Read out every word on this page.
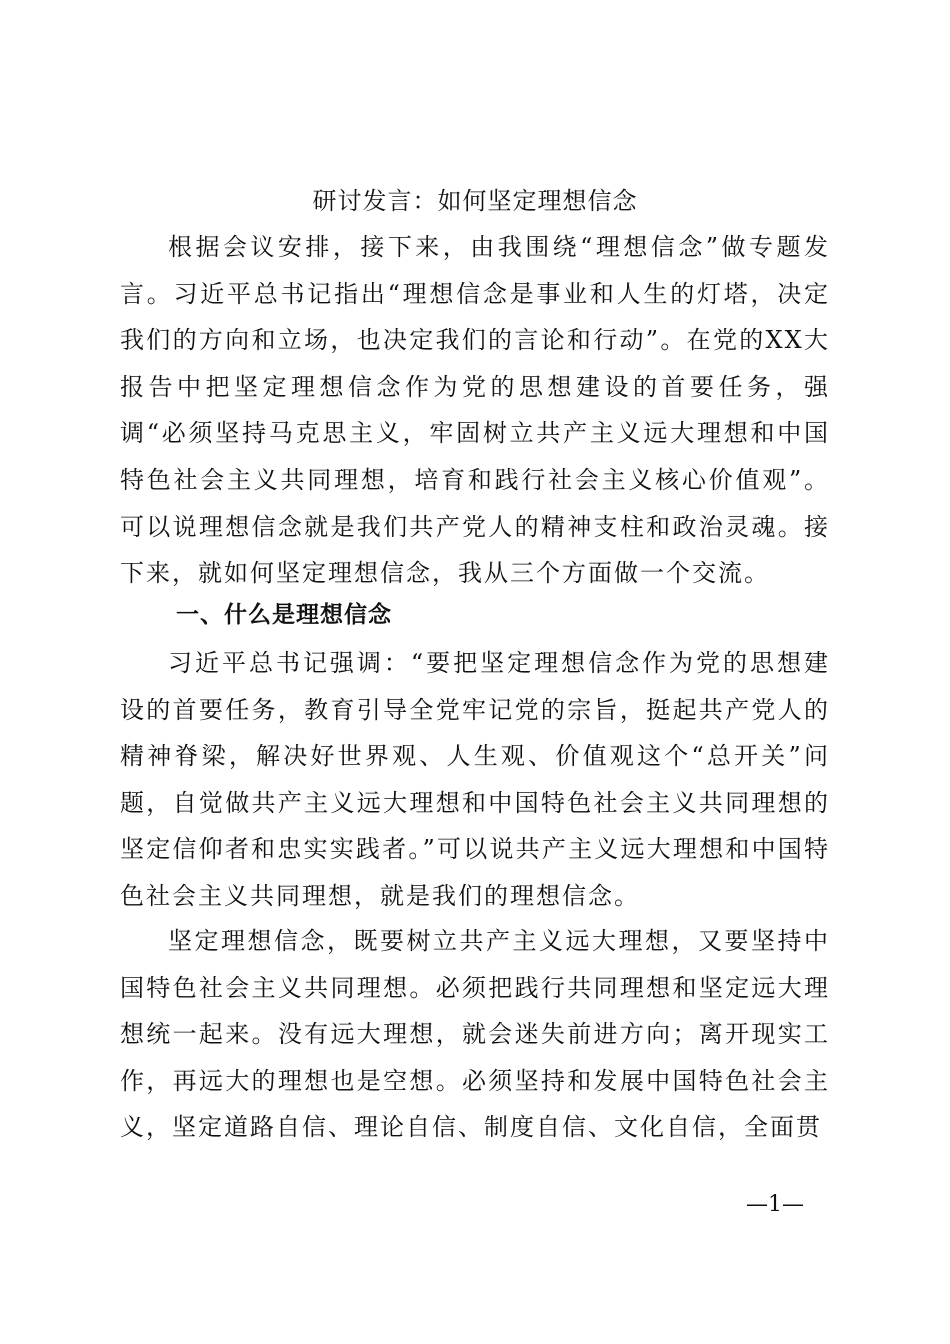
研讨发言：如何坚定理想信念

根据会议安排，接下来，由我围绕“理想信念”做专题发言。习近平总书记指出“理想信念是事业和人生的灯塔，决定我们的方向和立场，也决定我们的言论和行动”。在党的XX大报告中把坚定理想信念作为党的思想建设的首要任务，强调“必须坚持马克思主义，牢固树立共产主义远大理想和中国特色社会主义共同理想，培育和践行社会主义核心价值观”。可以说理想信念就是我们共产党人的精神支柱和政治灵魂。接下来，就如何坚定理想信念，我从三个方面做一个交流。

一、什么是理想信念

习近平总书记强调：“要把坚定理想信念作为党的思想建设的首要任务，教育引导全党牢记党的宗旨，挺起共产党人的精神脊梁，解决好世界观、人生观、价值观这个“总开关”问题，自觉做共产主义远大理想和中国特色社会主义共同理想的坚定信仰者和忠实实践者。”可以说共产主义远大理想和中国特色社会主义共同理想，就是我们的理想信念。

坚定理想信念，既要树立共产主义远大理想，又要坚持中国特色社会主义共同理想。必须把践行共同理想和坚定远大理想统一起来。没有远大理想，就会迷失前进方向；离开现实工作，再远大的理想也是空想。必须坚持和发展中国特色社会主义，坚定道路自信、理论自信、制度自信、文化自信，全面贯

—1—
